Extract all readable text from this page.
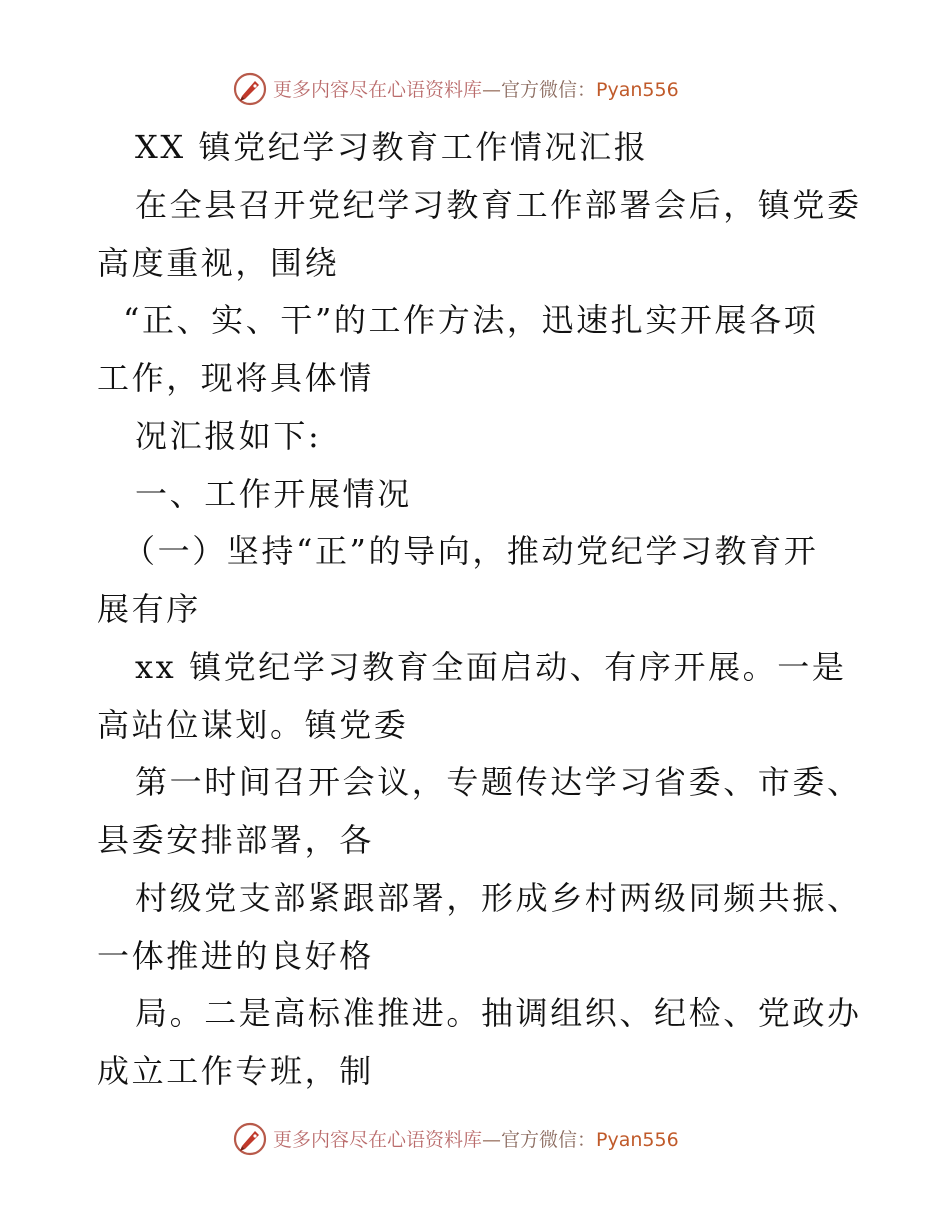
更多内容尽在心语资料库—官方微信：Pyan556
XX 镇党纪学习教育工作情况汇报
在全县召开党纪学习教育工作部署会后，镇党委
高度重视，围绕
“正、实、干”的工作方法，迅速扎实开展各项
工作，现将具体情
况汇报如下:
一、工作开展情况
（一）坚持“正”的导向，推动党纪学习教育开
展有序
xx 镇党纪学习教育全面启动、有序开展。一是
高站位谋划。镇党委
第一时间召开会议，专题传达学习省委、市委、
县委安排部署，各
村级党支部紧跟部署，形成乡村两级同频共振、
一体推进的良好格
局。二是高标准推进。抽调组织、纪检、党政办
成立工作专班，制
更多内容尽在心语资料库—官方微信：Pyan556
